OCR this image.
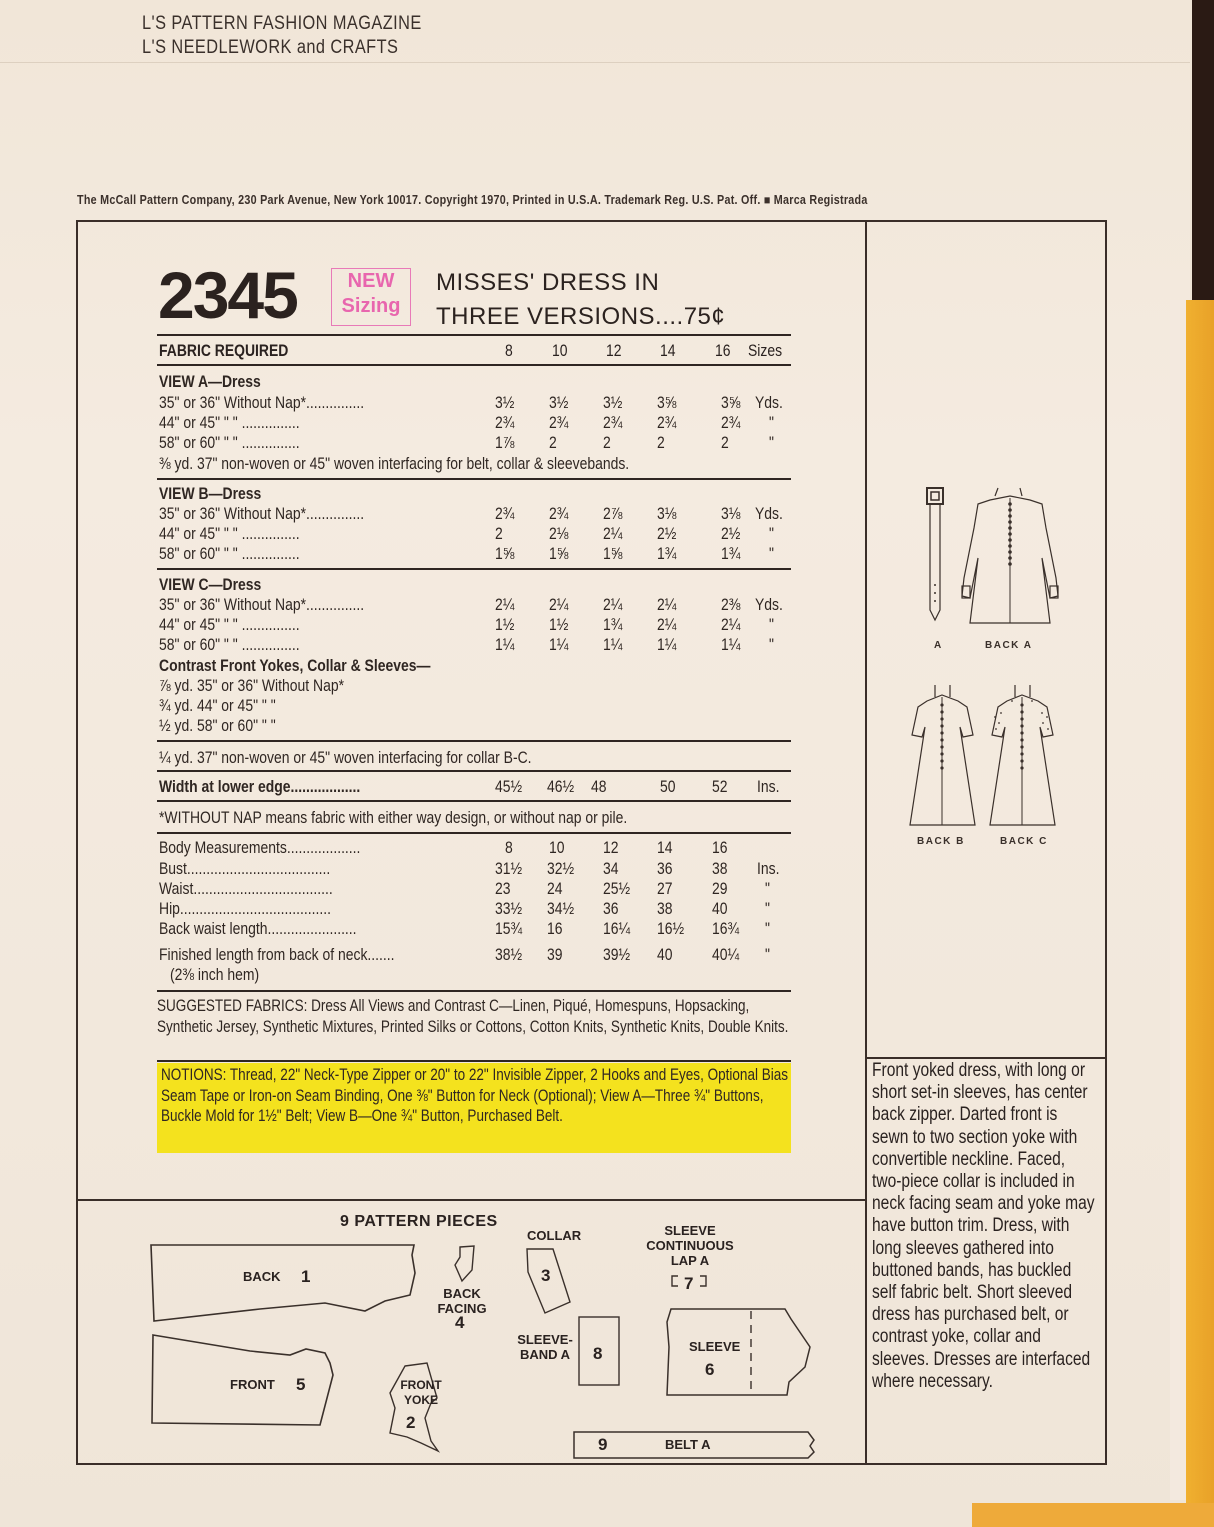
L'S PATTERN FASHION MAGAZINE
L'S NEEDLEWORK and CRAFTS
The McCall Pattern Company, 230 Park Avenue, New York 10017. Copyright 1970, Printed in U.S.A. Trademark Reg. U.S. Pat. Off. ■ Marca Registrada
2345	NEW
Sizing
MISSES' DRESS IN
THREE VERSIONS....75¢
FABRIC REQUIRED	8 10 12 14 16 Sizes
VIEW A—Dress
35" or 36" Without Nap*...............	3½ 3½ 3½ 3⅝	3⅝ Yds.
44" or 45" " " ...............	2¾ 2¾ 2¾ 2¾	2¾ "
58" or 60" " " ...............	1⅞ 2	2	2	2 "
⅜ yd. 37" non-woven or 45" woven interfacing for belt, collar & sleevebands.
VIEW B—Dress
35" or 36" Without Nap*...............	2¾ 2¾ 2⅞ 3⅛	3⅛ Yds.
44" or 45" " " ...............	2	2⅛ 2¼ 2½	2½ "
58" or 60" " " ...............	1⅝ 1⅝ 1⅝ 1¾	1¾ "
VIEW C—Dress
35" or 36" Without Nap*...............	2¼ 2¼ 2¼ 2¼	2⅜ Yds.
44" or 45" " " ...............	1½ 1½ 1¾ 2¼	2¼ "
58" or 60" " " ...............	1¼ 1¼ 1¼ 1¼	1¼ "
Contrast Front Yokes, Collar & Sleeves—
⅞ yd. 35" or 36" Without Nap*
¾ yd. 44" or 45" " "
½ yd. 58" or 60" " "
¼ yd. 37" non-woven or 45" woven interfacing for collar B-C.
Width at lower edge..................	45½ 46½ 48	50 52 Ins.
*WITHOUT NAP means fabric with either way design, or without nap or pile.
Body Measurements...................	8 10 12 14 16
Bust.....................................	31½ 32½ 34 36 38 Ins.
Waist....................................	23 24 25½ 27 29 "
Hip.......................................	33½ 34½ 36 38 40 "
Back waist length.......................	15¾ 16 16¼ 16½ 16¾ "
Finished length from back of neck.......	38½ 39 39½ 40 40¼ "
(2⅜ inch hem)
SUGGESTED FABRICS: Dress All Views and Contrast C—Linen, Piqué, Homespuns, Hopsacking, Synthetic Jersey, Synthetic Mixtures, Printed Silks or Cottons, Cotton Knits, Synthetic Knits, Double Knits.
NOTIONS: Thread, 22" Neck-Type Zipper or 20" to 22" Invisible Zipper, 2 Hooks and Eyes, Optional Bias Seam Tape or Iron-on Seam Binding, One ⅜" Button for Neck (Optional); View A—Three ¾" Buttons, Buckle Mold for 1½" Belt; View B—One ¾" Button, Purchased Belt.
A	BACK A
BACK B	BACK C
Front yoked dress, with long or short set-in sleeves, has center back zipper. Darted front is sewn to two section yoke with convertible neckline. Faced, two-piece collar is included in neck facing seam and yoke may have button trim. Dress, with long sleeves gathered into buttoned bands, has buckled self fabric belt. Short sleeved dress has purchased belt, or contrast yoke, collar and sleeves. Dresses are interfaced where necessary.
9 PATTERN PIECES
BACK 1
FRONT 5
BACK FACING
4
FRONT YOKE
2
COLLAR
3
SLEEVE-BAND A 8
SLEEVE CONTINUOUS LAP A
7
SLEEVE
6
9	BELT A
